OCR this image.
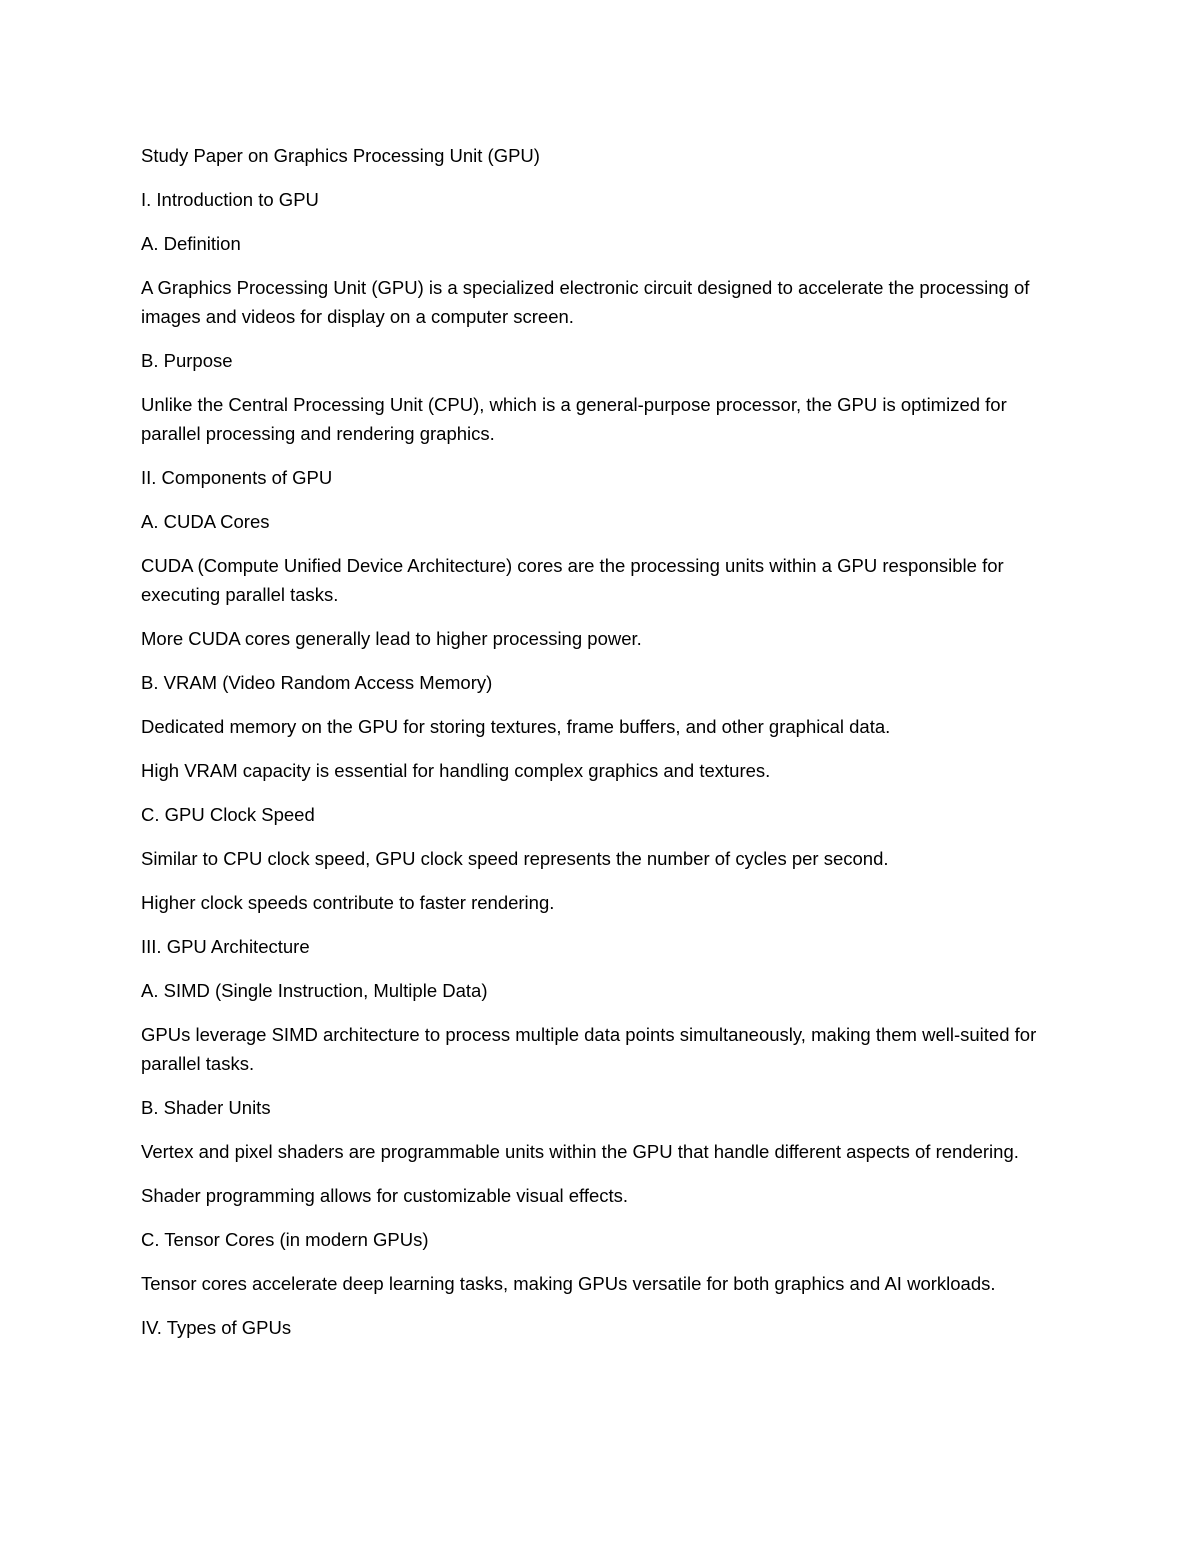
Study Paper on Graphics Processing Unit (GPU)

I. Introduction to GPU

A. Definition

A Graphics Processing Unit (GPU) is a specialized electronic circuit designed to accelerate the processing of images and videos for display on a computer screen.

B. Purpose

Unlike the Central Processing Unit (CPU), which is a general-purpose processor, the GPU is optimized for parallel processing and rendering graphics.

II. Components of GPU

A. CUDA Cores

CUDA (Compute Unified Device Architecture) cores are the processing units within a GPU responsible for executing parallel tasks.

More CUDA cores generally lead to higher processing power.

B. VRAM (Video Random Access Memory)

Dedicated memory on the GPU for storing textures, frame buffers, and other graphical data.

High VRAM capacity is essential for handling complex graphics and textures.

C. GPU Clock Speed

Similar to CPU clock speed, GPU clock speed represents the number of cycles per second.

Higher clock speeds contribute to faster rendering.

III. GPU Architecture

A. SIMD (Single Instruction, Multiple Data)

GPUs leverage SIMD architecture to process multiple data points simultaneously, making them well-suited for parallel tasks.

B. Shader Units

Vertex and pixel shaders are programmable units within the GPU that handle different aspects of rendering.

Shader programming allows for customizable visual effects.

C. Tensor Cores (in modern GPUs)

Tensor cores accelerate deep learning tasks, making GPUs versatile for both graphics and AI workloads.

IV. Types of GPUs
